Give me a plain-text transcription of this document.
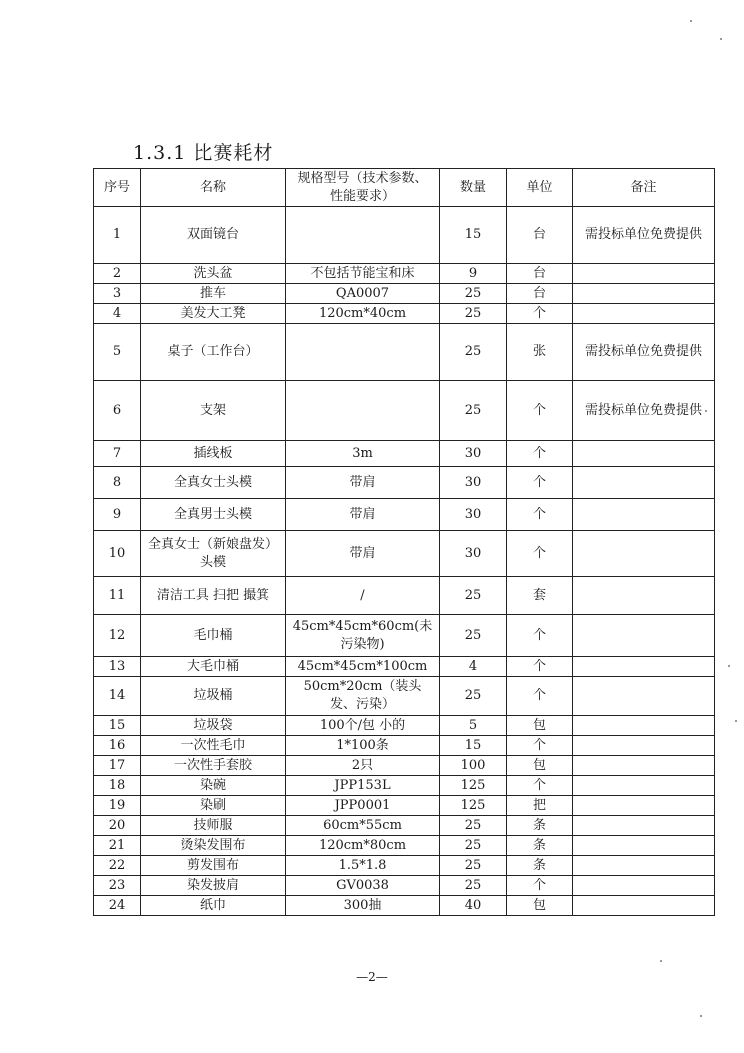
1.3.1 比赛耗材
序号	名称	规格型号（技术参数、性能要求）	数量	单位	备注
1	双面镜台		15	台	需投标单位免费提供
2	洗头盆	不包括节能宝和床	9	台	
3	推车	QA0007	25	台	
4	美发大工凳	120cm*40cm	25	个	
5	桌子（工作台）		25	张	需投标单位免费提供
6	支架		25	个	需投标单位免费提供
7	插线板	3m	30	个	
8	全真女士头模	带肩	30	个	
9	全真男士头模	带肩	30	个	
10	全真女士（新娘盘发）头模	带肩	30	个	
11	清洁工具 扫把 撮箕	/	25	套	
12	毛巾桶	45cm*45cm*60cm(未污染物)	25	个	
13	大毛巾桶	45cm*45cm*100cm	4	个	
14	垃圾桶	50cm*20cm（装头发、污染）	25	个	
15	垃圾袋	100个/包 小的	5	包	
16	一次性毛巾	1*100条	15	个	
17	一次性手套胶	2只	100	包	
18	染碗	JPP153L	125	个	
19	染刷	JPP0001	125	把	
20	技师服	60cm*55cm	25	条	
21	烫染发围布	120cm*80cm	25	条	
22	剪发围布	1.5*1.8	25	条	
23	染发披肩	GV0038	25	个	
24	纸巾	300抽	40	包	
—2—
